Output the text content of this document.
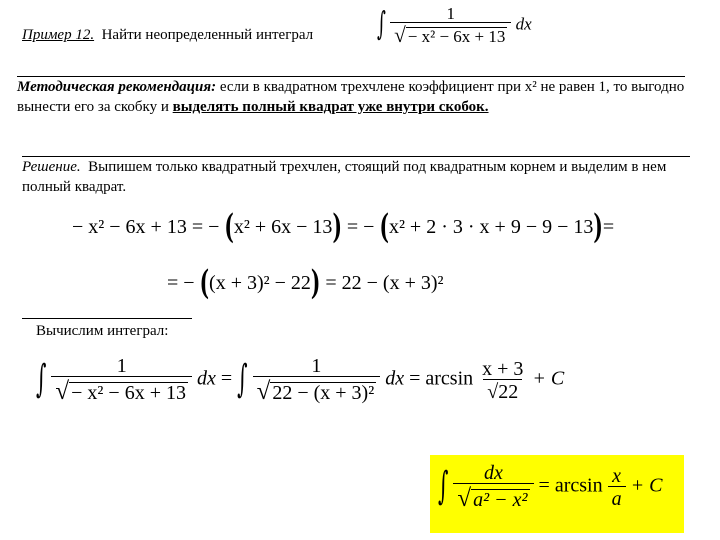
Пример 12. Найти неопределенный интеграл	∫ $\frac{1}{\text{√ − x² − 6x + 13}}$ dx
Методическая рекомендация: если в квадратном трехчлене коэффициент при x² не равен 1, то выгодно вынести его за скобку и выделять полный квадрат уже внутри скобок.
Решение. Выпишем только квадратный трехчлен, стоящий под квадратным корнем и выделим в нем полный квадрат.
− x² − 6x + 13 = − (x² + 6x − 13) = − (x² + 2 · 3 · x + 9 − 9 − 13)=
= − ((x + 3)² − 22) = 22 − (x + 3)²
Вычислим интеграл:
∫ $\frac{1}{\text{√ − x² − 6x + 13}}$ dx = ∫ $\frac{1}{\text{√ 22 − (x + 3)²}}$ dx = $\arcsin \frac{x + 3}{√22} + C$
∫ $\frac{dx}{\text{√ a² − x²}} = \arcsin \frac{x}{a} + C$
